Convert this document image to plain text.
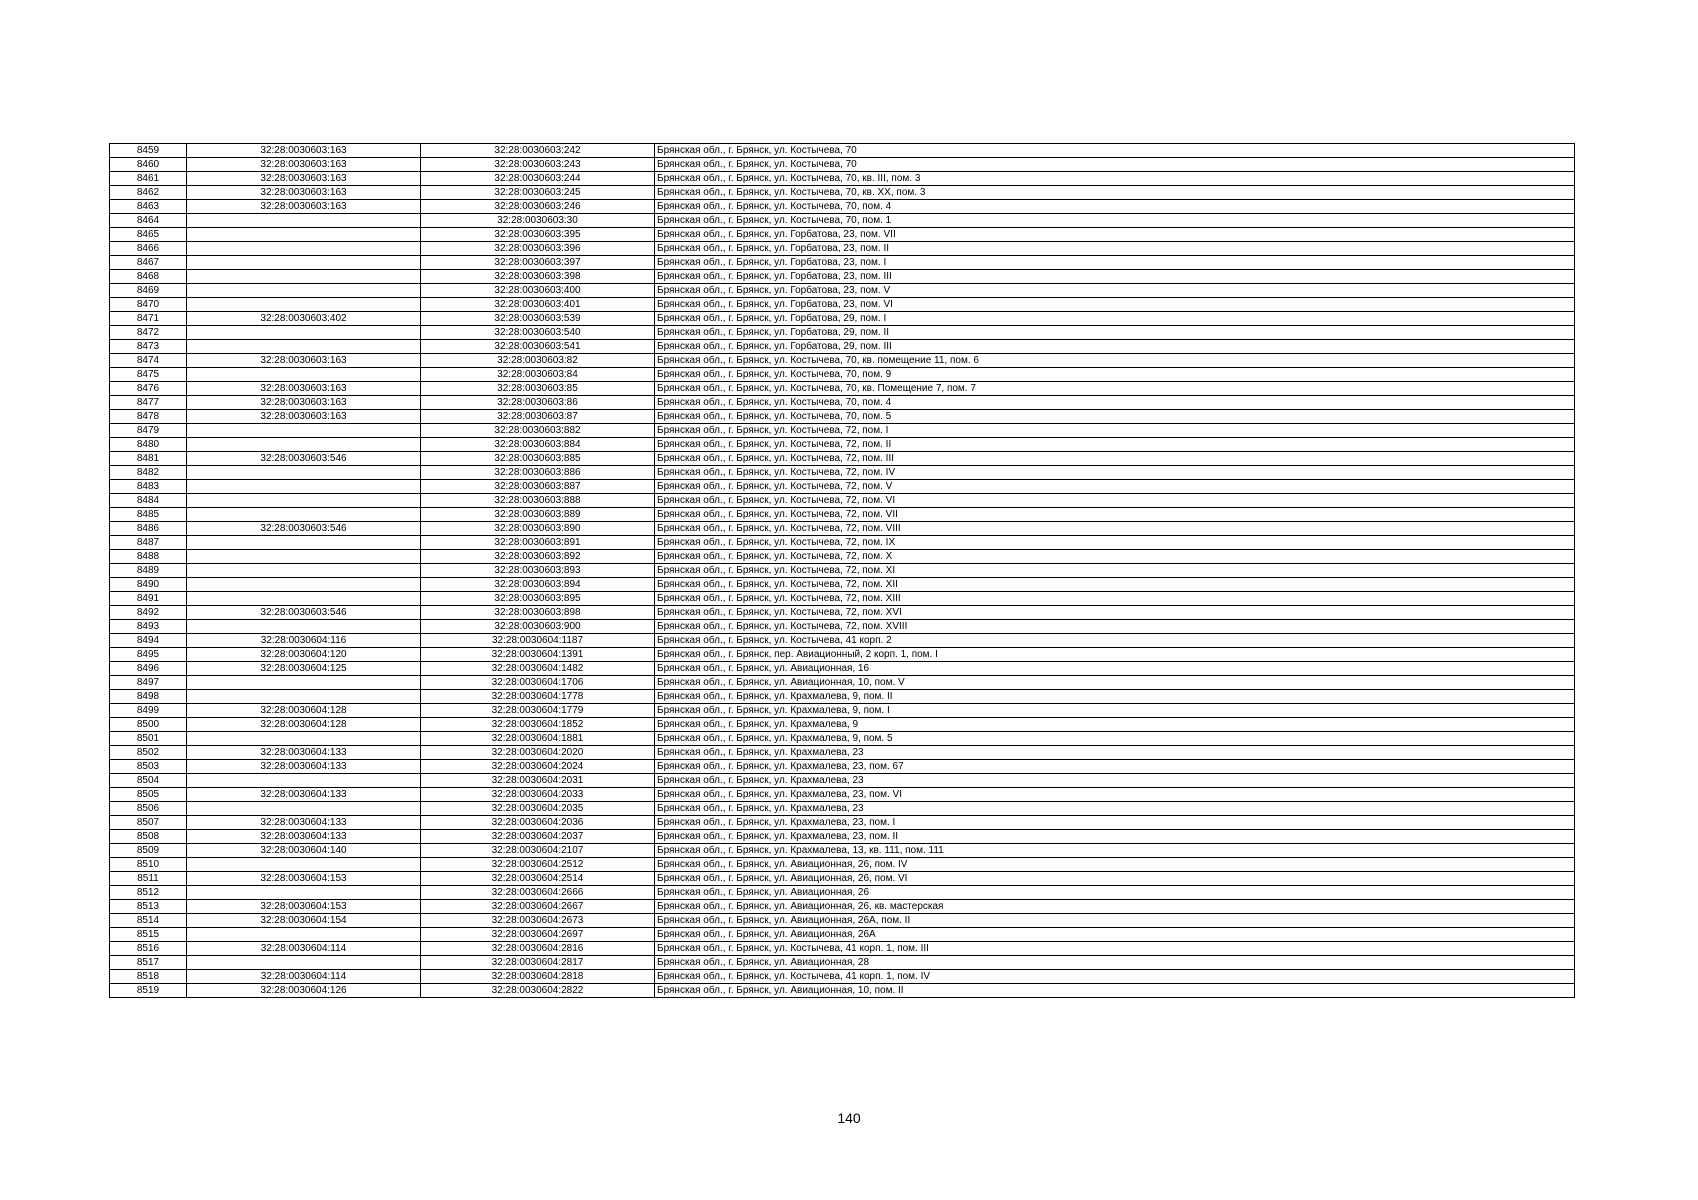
8459	32:28:0030603:163	32:28:0030603:242	Брянская обл., г. Брянск, ул. Костычева, 70
8460	32:28:0030603:163	32:28:0030603:243	Брянская обл., г. Брянск, ул. Костычева, 70
8461	32:28:0030603:163	32:28:0030603:244	Брянская обл., г. Брянск, ул. Костычева, 70, кв. III, пом. 3
8462	32:28:0030603:163	32:28:0030603:245	Брянская обл., г. Брянск, ул. Костычева, 70, кв. XX, пом. 3
8463	32:28:0030603:163	32:28:0030603:246	Брянская обл., г. Брянск, ул. Костычева, 70, пом. 4
8464		32:28:0030603:30	Брянская обл., г. Брянск, ул. Костычева, 70, пом. 1
8465		32:28:0030603:395	Брянская обл., г. Брянск, ул. Горбатова, 23, пом. VII
8466		32:28:0030603:396	Брянская обл., г. Брянск, ул. Горбатова, 23, пом. II
8467		32:28:0030603:397	Брянская обл., г. Брянск, ул. Горбатова, 23, пом. I
8468		32:28:0030603:398	Брянская обл., г. Брянск, ул. Горбатова, 23, пом. III
8469		32:28:0030603:400	Брянская обл., г. Брянск, ул. Горбатова, 23, пом. V
8470		32:28:0030603:401	Брянская обл., г. Брянск, ул. Горбатова, 23, пом. VI
8471	32:28:0030603:402	32:28:0030603:539	Брянская обл., г. Брянск, ул. Горбатова, 29, пом. I
8472		32:28:0030603:540	Брянская обл., г. Брянск, ул. Горбатова, 29, пом. II
8473		32:28:0030603:541	Брянская обл., г. Брянск, ул. Горбатова, 29, пом. III
8474	32:28:0030603:163	32:28:0030603:82	Брянская обл., г. Брянск, ул. Костычева, 70, кв. помещение 11, пом. 6
8475		32:28:0030603:84	Брянская обл., г. Брянск, ул. Костычева, 70, пом. 9
8476	32:28:0030603:163	32:28:0030603:85	Брянская обл., г. Брянск, ул. Костычева, 70, кв. Помещение 7, пом. 7
8477	32:28:0030603:163	32:28:0030603:86	Брянская обл., г. Брянск, ул. Костычева, 70, пом. 4
8478	32:28:0030603:163	32:28:0030603:87	Брянская обл., г. Брянск, ул. Костычева, 70, пом. 5
8479		32:28:0030603:882	Брянская обл., г. Брянск, ул. Костычева, 72, пом. I
8480		32:28:0030603:884	Брянская обл., г. Брянск, ул. Костычева, 72, пом. II
8481	32:28:0030603:546	32:28:0030603:885	Брянская обл., г. Брянск, ул. Костычева, 72, пом. III
8482		32:28:0030603:886	Брянская обл., г. Брянск, ул. Костычева, 72, пом. IV
8483		32:28:0030603:887	Брянская обл., г. Брянск, ул. Костычева, 72, пом. V
8484		32:28:0030603:888	Брянская обл., г. Брянск, ул. Костычева, 72, пом. VI
8485		32:28:0030603:889	Брянская обл., г. Брянск, ул. Костычева, 72, пом. VII
8486	32:28:0030603:546	32:28:0030603:890	Брянская обл., г. Брянск, ул. Костычева, 72, пом. VIII
8487		32:28:0030603:891	Брянская обл., г. Брянск, ул. Костычева, 72, пом. IX
8488		32:28:0030603:892	Брянская обл., г. Брянск, ул. Костычева, 72, пом. X
8489		32:28:0030603:893	Брянская обл., г. Брянск, ул. Костычева, 72, пом. XI
8490		32:28:0030603:894	Брянская обл., г. Брянск, ул. Костычева, 72, пом. XII
8491		32:28:0030603:895	Брянская обл., г. Брянск, ул. Костычева, 72, пом. XIII
8492	32:28:0030603:546	32:28:0030603:898	Брянская обл., г. Брянск, ул. Костычева, 72, пом. XVI
8493		32:28:0030603:900	Брянская обл., г. Брянск, ул. Костычева, 72, пом. XVIII
8494	32:28:0030604:116	32:28:0030604:1187	Брянская обл., г. Брянск, ул. Костычева, 41 корп. 2
8495	32:28:0030604:120	32:28:0030604:1391	Брянская обл., г. Брянск, пер. Авиационный, 2 корп. 1, пом. I
8496	32:28:0030604:125	32:28:0030604:1482	Брянская обл., г. Брянск, ул. Авиационная, 16
8497		32:28:0030604:1706	Брянская обл., г. Брянск, ул. Авиационная, 10, пом. V
8498		32:28:0030604:1778	Брянская обл., г. Брянск, ул. Крахмалева, 9, пом. II
8499	32:28:0030604:128	32:28:0030604:1779	Брянская обл., г. Брянск, ул. Крахмалева, 9, пом. I
8500	32:28:0030604:128	32:28:0030604:1852	Брянская обл., г. Брянск, ул. Крахмалева, 9
8501		32:28:0030604:1881	Брянская обл., г. Брянск, ул. Крахмалева, 9, пом. 5
8502	32:28:0030604:133	32:28:0030604:2020	Брянская обл., г. Брянск, ул. Крахмалева, 23
8503	32:28:0030604:133	32:28:0030604:2024	Брянская обл., г. Брянск, ул. Крахмалева, 23, пом. 67
8504		32:28:0030604:2031	Брянская обл., г. Брянск, ул. Крахмалева, 23
8505	32:28:0030604:133	32:28:0030604:2033	Брянская обл., г. Брянск, ул. Крахмалева, 23, пом. VI
8506		32:28:0030604:2035	Брянская обл., г. Брянск, ул. Крахмалева, 23
8507	32:28:0030604:133	32:28:0030604:2036	Брянская обл., г. Брянск, ул. Крахмалева, 23, пом. I
8508	32:28:0030604:133	32:28:0030604:2037	Брянская обл., г. Брянск, ул. Крахмалева, 23, пом. II
8509	32:28:0030604:140	32:28:0030604:2107	Брянская обл., г. Брянск, ул. Крахмалева, 13, кв. 111, пом. 111
8510		32:28:0030604:2512	Брянская обл., г. Брянск, ул. Авиационная, 26, пом. IV
8511	32:28:0030604:153	32:28:0030604:2514	Брянская обл., г. Брянск, ул. Авиационная, 26, пом. VI
8512		32:28:0030604:2666	Брянская обл., г. Брянск, ул. Авиационная, 26
8513	32:28:0030604:153	32:28:0030604:2667	Брянская обл., г. Брянск, ул. Авиационная, 26, кв. мастерская
8514	32:28:0030604:154	32:28:0030604:2673	Брянская обл., г. Брянск, ул. Авиационная, 26А, пом. II
8515		32:28:0030604:2697	Брянская обл., г. Брянск, ул. Авиационная, 26А
8516	32:28:0030604:114	32:28:0030604:2816	Брянская обл., г. Брянск, ул. Костычева, 41 корп. 1, пом. III
8517		32:28:0030604:2817	Брянская обл., г. Брянск, ул. Авиационная, 28
8518	32:28:0030604:114	32:28:0030604:2818	Брянская обл., г. Брянск, ул. Костычева, 41 корп. 1, пом. IV
8519	32:28:0030604:126	32:28:0030604:2822	Брянская обл., г. Брянск, ул. Авиационная, 10, пом. II
140
